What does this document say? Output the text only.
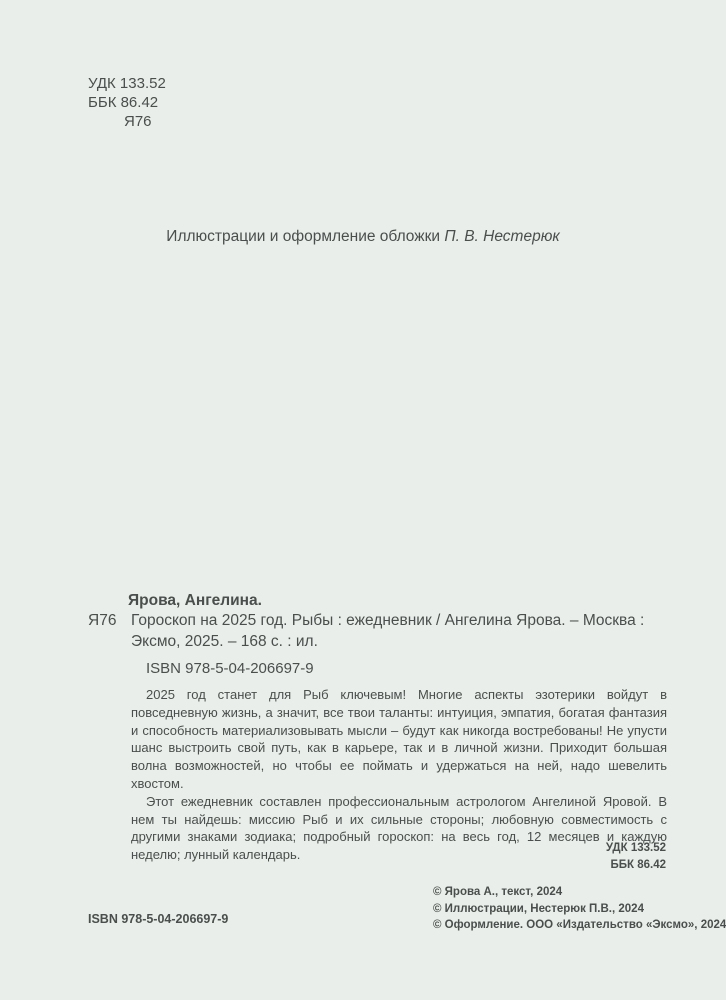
УДК 133.52
ББК 86.42
Я76
Иллюстрации и оформление обложки П. В. Нестерюк
Ярова, Ангелина.
Я76 Гороскоп на 2025 год. Рыбы : ежедневник / Ангелина Ярова. – Москва : Эксмо, 2025. – 168 с. : ил.
ISBN 978-5-04-206697-9

2025 год станет для Рыб ключевым! Многие аспекты эзотерики войдут в повседневную жизнь, а значит, все твои таланты: интуиция, эмпатия, богатая фантазия и способность материализовывать мысли – будут как никогда востребованы! Не упусти шанс выстроить свой путь, как в карьере, так и в личной жизни. Приходит большая волна возможностей, но чтобы ее поймать и удержаться на ней, надо шевелить хвостом.

Этот ежедневник составлен профессиональным астрологом Ангелиной Яровой. В нем ты найдешь: миссию Рыб и их сильные стороны; любовную совместимость с другими знаками зодиака; подробный гороскоп: на весь год, 12 месяцев и каждую неделю; лунный календарь.	УДК 133.52
ББК 86.42
© Ярова А., текст, 2024
© Иллюстрации, Нестерюк П.В., 2024
© Оформление. ООО «Издательство «Эксмо», 2024
ISBN 978-5-04-206697-9
